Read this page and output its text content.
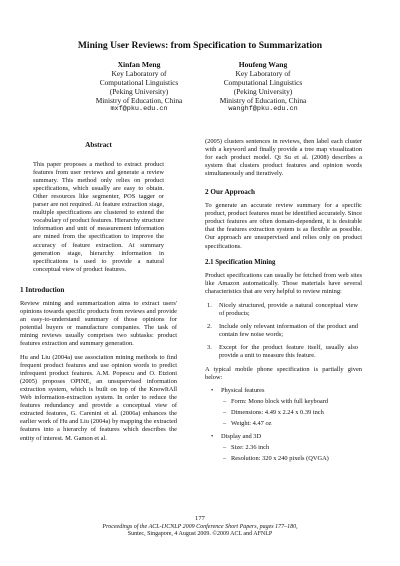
Mining User Reviews: from Specification to Summarization
Xinfan Meng
Key Laboratory of
Computational Linguistics
(Peking University)
Ministry of Education, China
mxf@pku.edu.cn
Houfeng Wang
Key Laboratory of
Computational Linguistics
(Peking University)
Ministry of Education, China
wanghf@pku.edu.cn
Abstract

This paper proposes a method to extract product features from user reviews and generate a review summary. This method only relies on product specifications, which usually are easy to obtain. Other resources like segmenter, POS tagger or parser are not required. At feature extraction stage, multiple specifications are clustered to extend the vocabulary of product features. Hierarchy structure information and unit of measurement information are mined from the specification to improve the accuracy of feature extraction. At summary generation stage, hierarchy information in specifications is used to provide a natural conceptual view of product features.

1 Introduction

Review mining and summarization aims to extract users' opinions towards specific products from reviews and provide an easy-to-understand summary of those opinions for potential buyers or manufacture companies. The task of mining reviews usually comprises two subtasks: product features extraction and summary generation.

Hu and Liu (2004a) use association mining methods to find frequent product features and use opinion words to predict infrequent product features. A.M. Popescu and O. Etzioni (2005) proposes OPINE, an unsupervised information extraction system, which is built on top of the KnowItAll Web information-extraction system. In order to reduce the features redundancy and provide a conceptual view of extracted features, G. Carenini et al. (2006a) enhances the earlier work of Hu and Liu (2004a) by mapping the extracted features into a hierarchy of features which describes the entity of interest. M. Gamon et al.

(2005) clusters sentences in reviews, then label each cluster with a keyword and finally provide a tree map visualization for each product model. Qi Su et al. (2008) describes a system that clusters product features and opinion words simultaneously and iteratively.

2 Our Approach

To generate an accurate review summary for a specific product, product features must be identified accurately. Since product features are often domain-dependent, it is desirable that the features extraction system is as flexible as possible. Our approach are unsupervised and relies only on product specifications.

2.1 Specification Mining

Product specifications can usually be fetched from web sites like Amazon automatically. Those materials have several characteristics that are very helpful to review mining:

1. Nicely structured, provide a natural conceptual view of products;
2. Include only relevant information of the product and contain few noise words;
3. Except for the product feature itself, usually also provide a unit to measure this feature.

A typical mobile phone specification is partially given below:

• Physical features
– Form: Mono block with full keyboard
– Dimensions: 4.49 x 2.24 x 0.39 inch
– Weight: 4.47 oz
• Display and 3D
– Size: 2.36 inch
– Resolution: 320 x 240 pixels (QVGA)
177
Proceedings of the ACL-IJCNLP 2009 Conference Short Papers, pages 177–180,
Suntec, Singapore, 4 August 2009. ©2009 ACL and AFNLP
